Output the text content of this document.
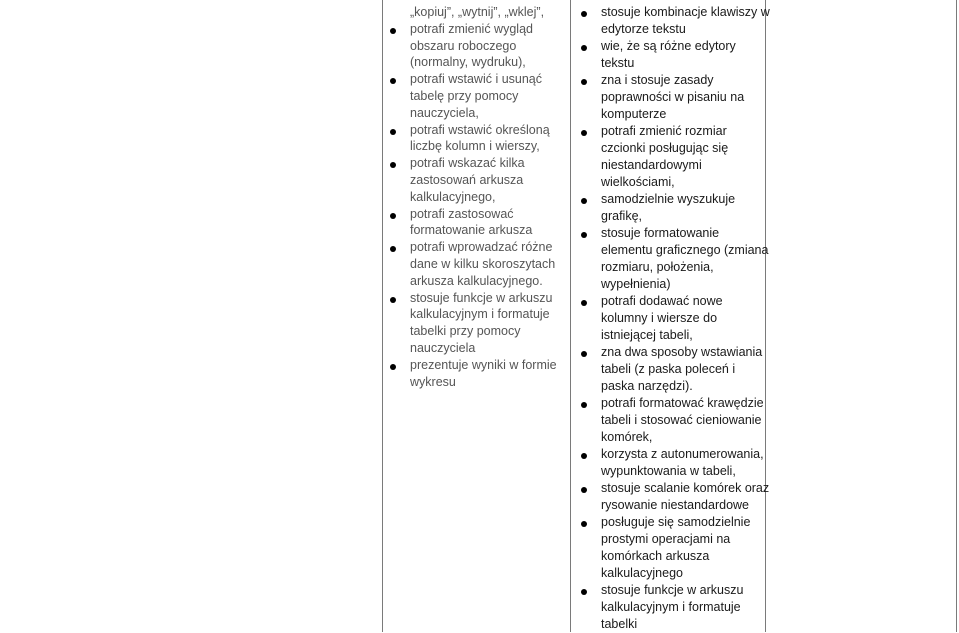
„kopiuj”, „wytnij”, „wklej”,
potrafi zmienić wygląd obszaru roboczego (normalny, wydruku),
potrafi wstawić i usunąć tabelę przy pomocy nauczyciela,
potrafi wstawić określoną liczbę kolumn i wierszy,
potrafi wskazać kilka zastosowań arkusza kalkulacyjnego,
potrafi zastosować formatowanie arkusza
potrafi wprowadzać różne dane w kilku skoroszytach arkusza kalkulacyjnego.
stosuje funkcje w arkuszu kalkulacyjnym i formatuje tabelki przy pomocy nauczyciela
prezentuje wyniki w formie wykresu
stosuje kombinacje klawiszy w edytorze tekstu
wie, że są różne edytory tekstu
zna i stosuje zasady poprawności w pisaniu na komputerze
potrafi zmienić rozmiar czcionki posługując się niestandardowymi wielkościami,
samodzielnie wyszukuje grafikę,
stosuje formatowanie elementu graficznego (zmiana rozmiaru, położenia, wypełnienia)
potrafi dodawać nowe kolumny i wiersze do istniejącej tabeli,
zna dwa sposoby wstawiania tabeli (z paska poleceń i paska narzędzi).
potrafi formatować krawędzie tabeli i stosować cieniowanie komórek,
korzysta z autonumerowania, wypunktowania w tabeli,
stosuje scalanie komórek oraz rysowanie niestandardowe
posługuje się samodzielnie prostymi operacjami na komórkach arkusza kalkulacyjnego
stosuje funkcje w arkuszu kalkulacyjnym i formatuje tabelki
